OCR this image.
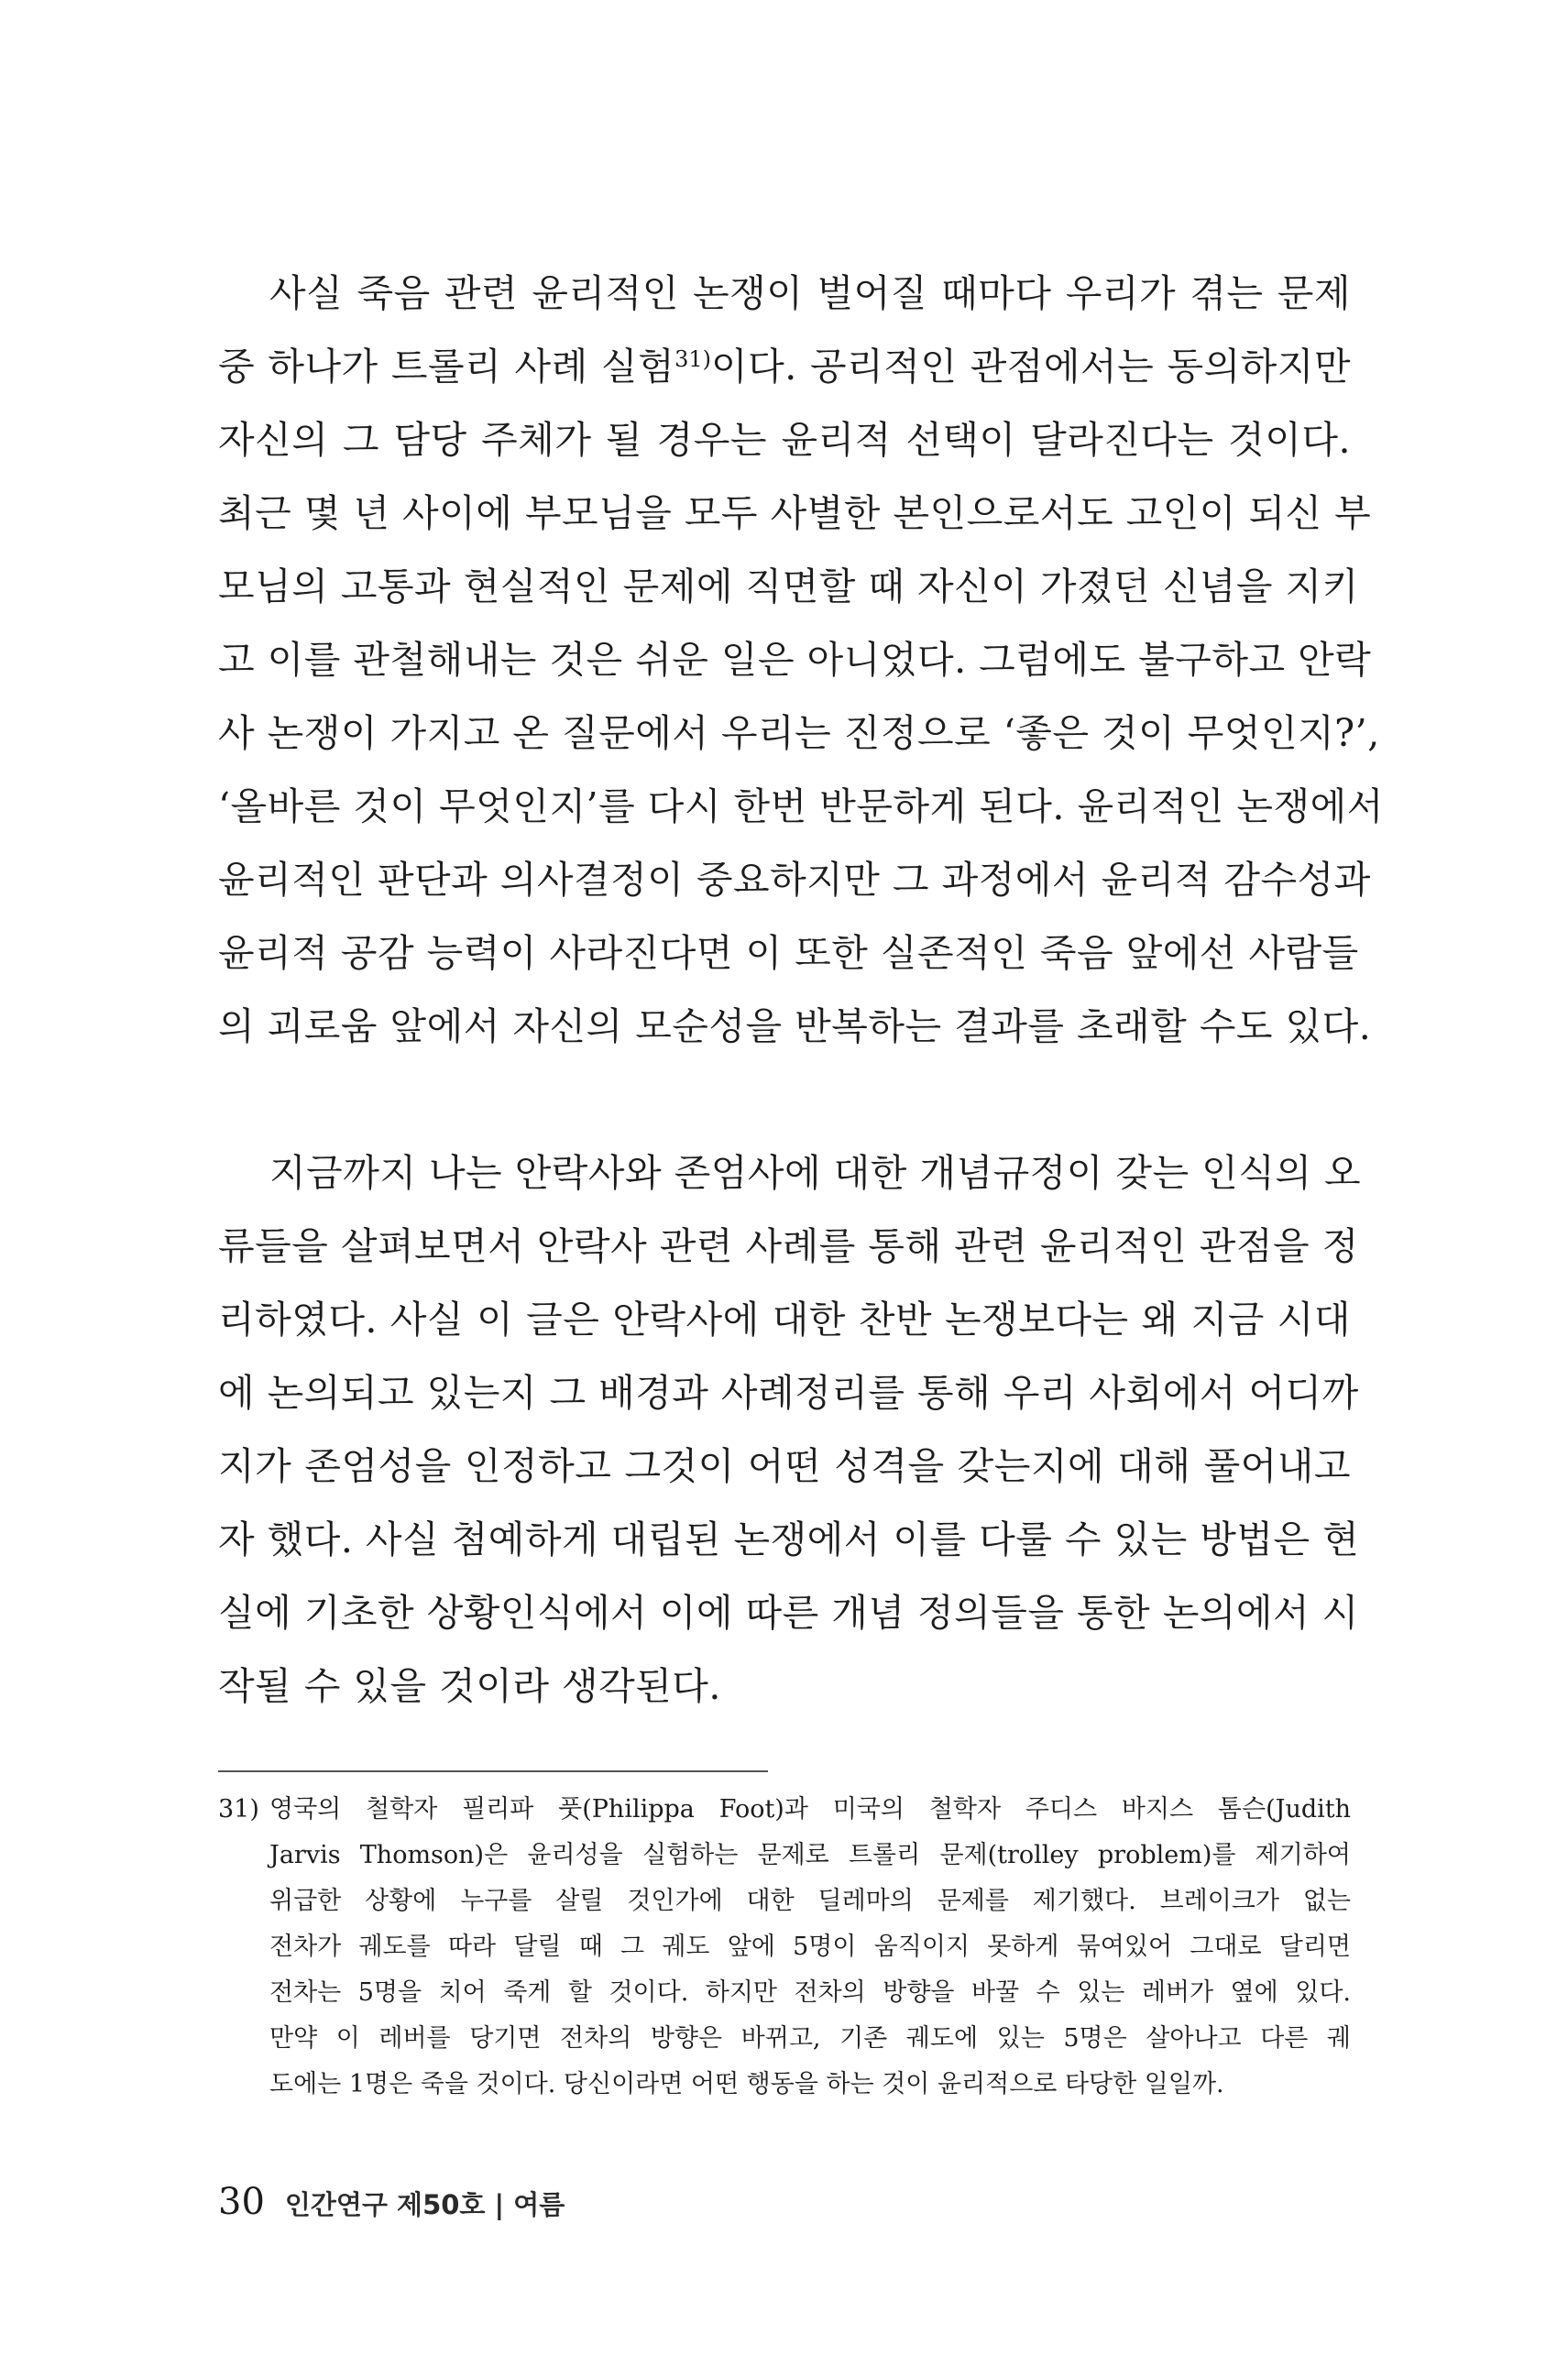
사실 죽음 관련 윤리적인 논쟁이 벌어질 때마다 우리가 겪는 문제
중 하나가 트롤리 사례 실험$^{31)}$이다. 공리적인 관점에서는 동의하지만
자신의 그 담당 주체가 될 경우는 윤리적 선택이 달라진다는 것이다.
최근 몇 년 사이에 부모님을 모두 사별한 본인으로서도 고인이 되신 부
모님의 고통과 현실적인 문제에 직면할 때 자신이 가졌던 신념을 지키
고 이를 관철해내는 것은 쉬운 일은 아니었다. 그럼에도 불구하고 안락
사 논쟁이 가지고 온 질문에서 우리는 진정으로 ‘좋은 것이 무엇인지?’,
‘올바른 것이 무엇인지’를 다시 한번 반문하게 된다. 윤리적인 논쟁에서
윤리적인 판단과 의사결정이 중요하지만 그 과정에서 윤리적 감수성과
윤리적 공감 능력이 사라진다면 이 또한 실존적인 죽음 앞에선 사람들
의 괴로움 앞에서 자신의 모순성을 반복하는 결과를 초래할 수도 있다.
지금까지 나는 안락사와 존엄사에 대한 개념규정이 갖는 인식의 오
류들을 살펴보면서 안락사 관련 사례를 통해 관련 윤리적인 관점을 정
리하였다. 사실 이 글은 안락사에 대한 찬반 논쟁보다는 왜 지금 시대
에 논의되고 있는지 그 배경과 사례정리를 통해 우리 사회에서 어디까
지가 존엄성을 인정하고 그것이 어떤 성격을 갖는지에 대해 풀어내고
자 했다. 사실 첨예하게 대립된 논쟁에서 이를 다룰 수 있는 방법은 현
실에 기초한 상황인식에서 이에 따른 개념 정의들을 통한 논의에서 시
작될 수 있을 것이라 생각된다.
31) 영국의 철학자 필리파 풋(Philippa Foot)과 미국의 철학자 주디스 바지스 톰슨(Judith
Jarvis Thomson)은 윤리성을 실험하는 문제로 트롤리 문제(trolley problem)를 제기하여
위급한 상황에 누구를 살릴 것인가에 대한 딜레마의 문제를 제기했다. 브레이크가 없는
전차가 궤도를 따라 달릴 때 그 궤도 앞에 5명이 움직이지 못하게 묶여있어 그대로 달리면
전차는 5명을 치어 죽게 할 것이다. 하지만 전차의 방향을 바꿀 수 있는 레버가 옆에 있다.
만약 이 레버를 당기면 전차의 방향은 바뀌고, 기존 궤도에 있는 5명은 살아나고 다른 궤
도에는 1명은 죽을 것이다. 당신이라면 어떤 행동을 하는 것이 윤리적으로 타당한 일일까.
30 인간연구 제50호 | 여름
